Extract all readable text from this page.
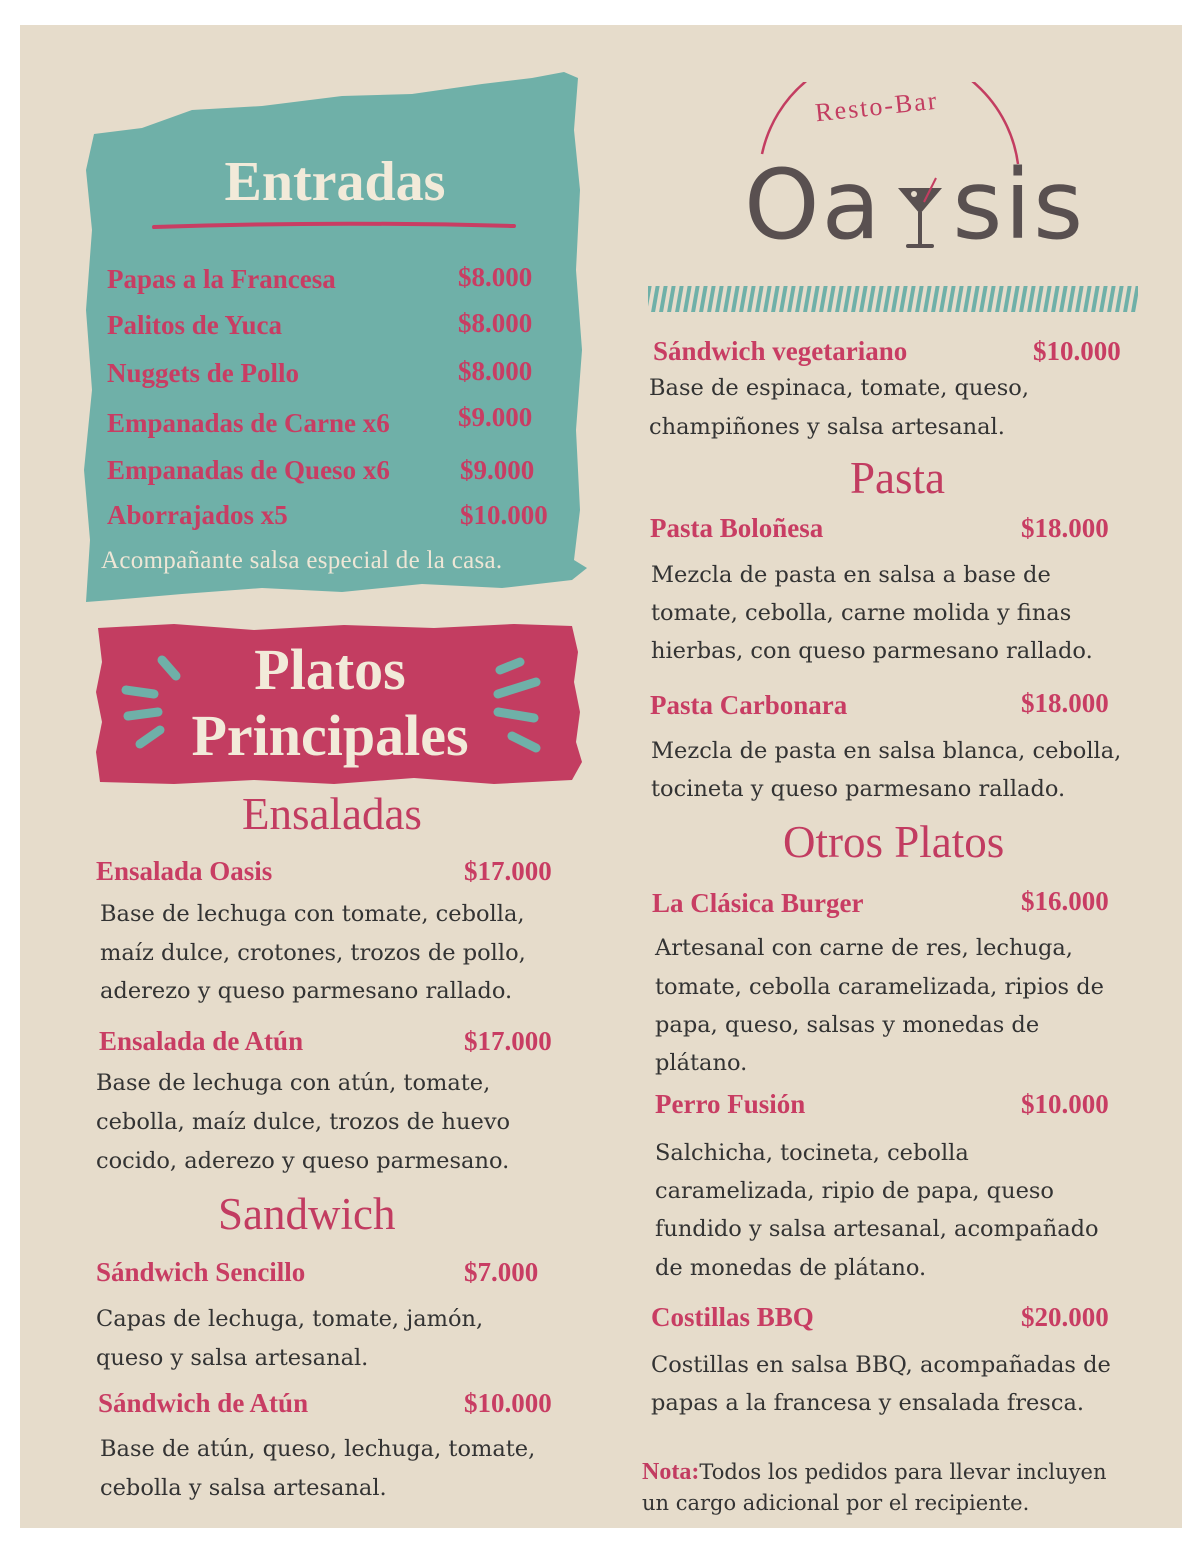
Entradas
Papas a la Francesa	$8.000
Palitos de Yuca	$8.000
Nuggets de Pollo	$8.000
Empanadas de Carne x6	$9.000
Empanadas de Queso x6	$9.000
Aborrajados x5	$10.000
Acompañante salsa especial de la casa.
Platos
Principales
Ensaladas
Ensalada Oasis	$17.000
Base de lechuga con tomate, cebolla,
maíz dulce, crotones, trozos de pollo,
aderezo y queso parmesano rallado.
Ensalada de Atún	$17.000
Base de lechuga con atún, tomate,
cebolla, maíz dulce, trozos de huevo
cocido, aderezo y queso parmesano.
Sandwich
Sándwich Sencillo	$7.000
Capas de lechuga, tomate, jamón,
queso y salsa artesanal.
Sándwich de Atún	$10.000
Base de atún, queso, lechuga, tomate,
cebolla y salsa artesanal.
Resto-Bar
Oa sis
Sándwich vegetariano	$10.000
Base de espinaca, tomate, queso,
champiñones y salsa artesanal.
Pasta
Pasta Boloñesa	$18.000
Mezcla de pasta en salsa a base de
tomate, cebolla, carne molida y finas
hierbas, con queso parmesano rallado.
Pasta Carbonara	$18.000
Mezcla de pasta en salsa blanca, cebolla,
tocineta y queso parmesano rallado.
Otros Platos
La Clásica Burger	$16.000
Artesanal con carne de res, lechuga,
tomate, cebolla caramelizada, ripios de
papa, queso, salsas y monedas de
plátano.
Perro Fusión	$10.000
Salchicha, tocineta, cebolla
caramelizada, ripio de papa, queso
fundido y salsa artesanal, acompañado
de monedas de plátano.
Costillas BBQ	$20.000
Costillas en salsa BBQ, acompañadas de
papas a la francesa y ensalada fresca.
Nota:Todos los pedidos para llevar incluyen
un cargo adicional por el recipiente.
